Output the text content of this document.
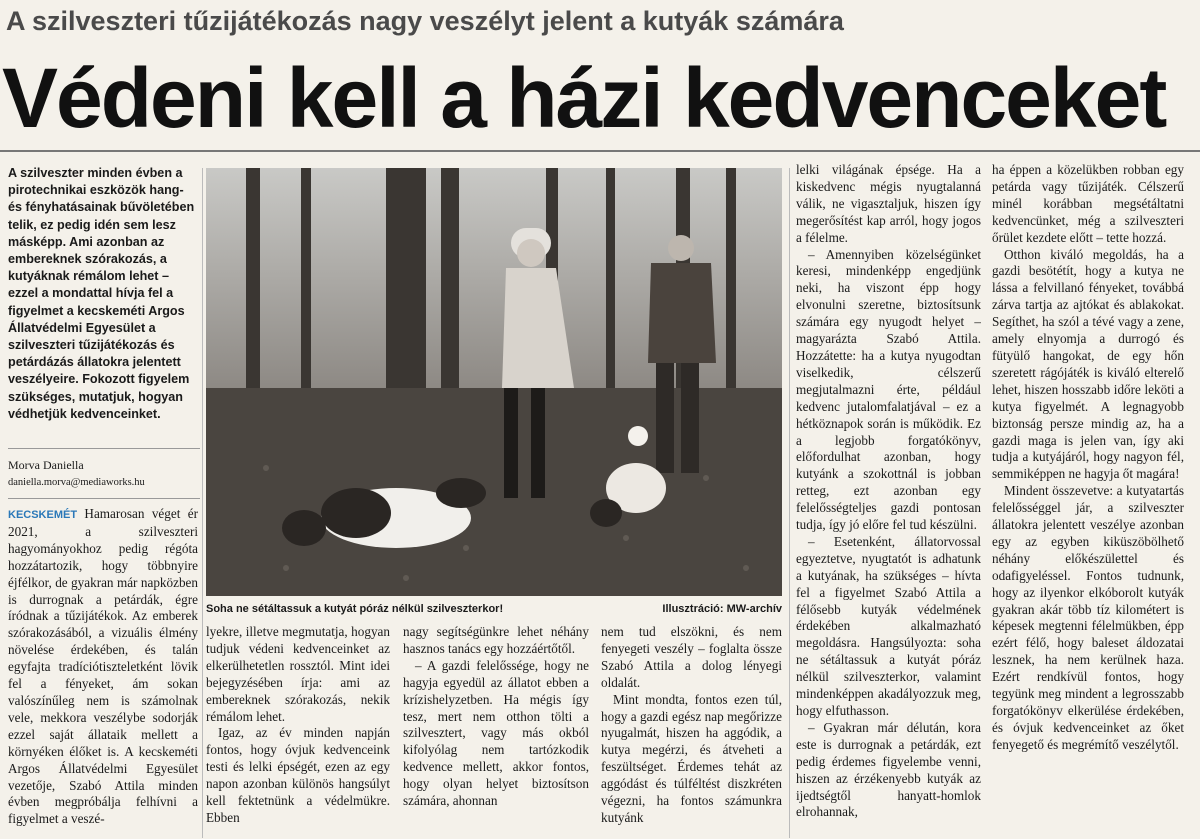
A szilveszteri tűzijátékozás nagy veszélyt jelent a kutyák számára
Védeni kell a házi kedvenceket
A szilveszter minden évben a pirotechnikai eszközök hang- és fényhatásainak bűvöletében telik, ez pedig idén sem lesz másképp. Ami azonban az embereknek szórakozás, a kutyáknak rémálom lehet – ezzel a mondattal hívja fel a figyelmet a kecskeméti Argos Állatvédelmi Egyesület a szilveszteri tűzijátékozás és petárdázás állatokra jelentett veszélyeire. Fokozott figyelem szükséges, mutatjuk, hogyan védhetjük kedvenceinket.
Morva Daniella
daniella.morva@mediaworks.hu

KECSKEMÉT Hamarosan véget ér 2021, a szilveszteri hagyományokhoz pedig régóta hozzátartozik, hogy többnyire éjfélkor, de gyakran már napközben is durrognak a petárdák, égre íródnak a tűzijátékok. Az emberek szórakozásából, a vizuális élmény növelése érdekében, és talán egyfajta tradíciótiszteletként lövik fel a fényeket, ám sokan valószínűleg nem is számolnak vele, mekkora veszélybe sodorják ezzel saját állataik mellett a környéken élőket is. A kecskeméti Argos Állatvédelmi Egyesület vezetője, Szabó Attila minden évben megpróbálja felhívni a figyelmet a veszé-

Soha ne sétáltassuk a kutyát póráz nélkül szilveszterkor!	Illusztráció: MW-archív

lyekre, illetve megmutatja, hogyan tudjuk védeni kedvenceinket az elkerülhetetlen rossztól. Mint idei bejegyzésében írja: ami az embereknek szórakozás, nekik rémálom lehet.

Igaz, az év minden napján fontos, hogy óvjuk kedvenceink testi és lelki épségét, ezen az egy napon azonban különös hangsúlyt kell fektetnünk a védelmükre. Ebben

nagy segítségünkre lehet néhány hasznos tanács egy hozzáértőtől.

– A gazdi felelőssége, hogy ne hagyja egyedül az állatot ebben a krízishelyzetben. Ha mégis így tesz, mert nem otthon tölti a szilvesztert, vagy más okból kifolyólag nem tartózkodik kedvence mellett, akkor fontos, hogy olyan helyet biztosítson számára, ahonnan

nem tud elszökni, és nem fenyegeti veszély – foglalta össze Szabó Attila a dolog lényegi oldalát.

Mint mondta, fontos ezen túl, hogy a gazdi egész nap megőrizze nyugalmát, hiszen ha aggódik, a kutya megérzi, és átveheti a feszültséget. Érdemes tehát az aggódást és túlféltést diszkréten végezni, ha fontos számunkra kutyánk

lelki világának épsége. Ha a kiskedvenc mégis nyugtalanná válik, ne vigasztaljuk, hiszen így megerősítést kap arról, hogy jogos a félelme.

– Amennyiben közelségünket keresi, mindenképp engedjünk neki, ha viszont épp hogy elvonulni szeretne, biztosítsunk számára egy nyugodt helyet – magyarázta Szabó Attila. Hozzátette: ha a kutya nyugodtan viselkedik, célszerű megjutalmazni érte, például kedvenc jutalomfalatjával – ez a hétköznapok során is működik. Ez a legjobb forgatókönyv, előfordulhat azonban, hogy kutyánk a szokottnál is jobban retteg, ezt azonban egy felelősségteljes gazdi pontosan tudja, így jó előre fel tud készülni.

– Esetenként, állatorvossal egyeztetve, nyugtatót is adhatunk a kutyának, ha szükséges – hívta fel a figyelmet Szabó Attila a félősebb kutyák védelmének érdekében alkalmazható megoldásra. Hangsúlyozta: soha ne sétáltassuk a kutyát póráz nélkül szilveszterkor, valamint mindenképpen akadályozzuk meg, hogy elfuthasson.

– Gyakran már délután, kora este is durrognak a petárdák, ezt pedig érdemes figyelembe venni, hiszen az érzékenyebb kutyák az ijedtségtől hanyatt-homlok elrohannak,

ha éppen a közelükben robban egy petárda vagy tűzijáték. Célszerű minél korábban megsétáltatni kedvencünket, még a szilveszteri őrület kezdete előtt – tette hozzá.

Otthon kiváló megoldás, ha a gazdi besötétít, hogy a kutya ne lássa a felvillanó fényeket, továbbá zárva tartja az ajtókat és ablakokat. Segíthet, ha szól a tévé vagy a zene, amely elnyomja a durrogó és fütyülő hangokat, de egy hőn szeretett rágójáték is kiváló elterelő lehet, hiszen hosszabb időre leköti a kutya figyelmét. A legnagyobb biztonság persze mindig az, ha a gazdi maga is jelen van, így aki tudja a kutyájáról, hogy nagyon fél, semmiképpen ne hagyja őt magára!

Mindent összevetve: a kutyatartás felelősséggel jár, a szilveszter állatokra jelentett veszélye azonban egy az egyben kiküszöbölhető néhány előkészülettel és odafigyeléssel. Fontos tudnunk, hogy az ilyenkor elkóborolt kutyák gyakran akár több tíz kilométert is képesek megtenni félelmükben, épp ezért félő, hogy baleset áldozatai lesznek, ha nem kerülnek haza. Ezért rendkívül fontos, hogy tegyünk meg mindent a legrosszabb forgatókönyv elkerülése érdekében, és óvjuk kedvenceinket az őket fenyegető és megrémítő veszélytől.
